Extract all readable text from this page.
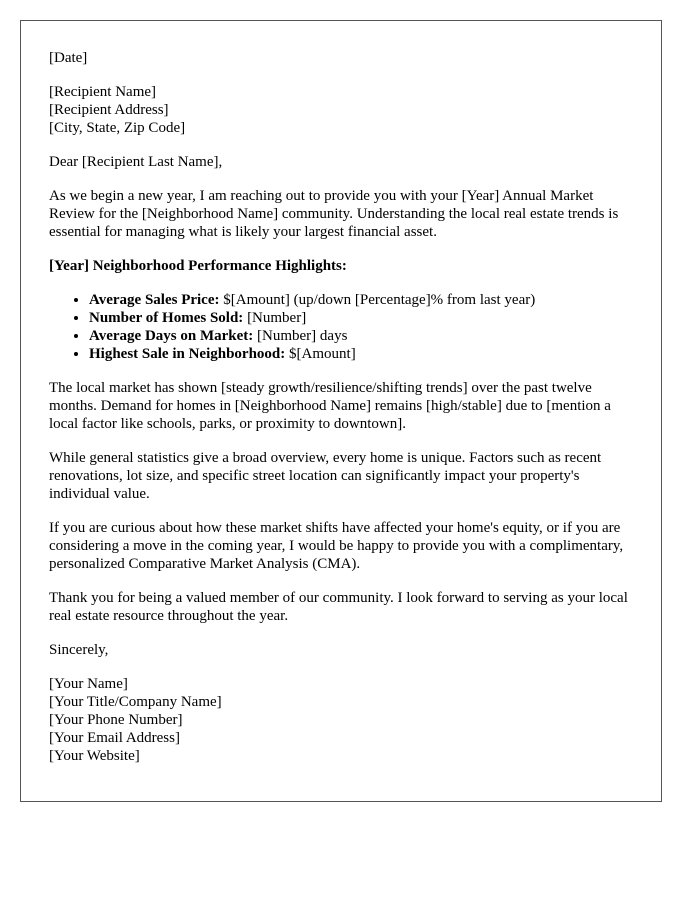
[Date]

[Recipient Name]
[Recipient Address]
[City, State, Zip Code]

Dear [Recipient Last Name],

As we begin a new year, I am reaching out to provide you with your [Year] Annual Market Review for the [Neighborhood Name] community. Understanding the local real estate trends is essential for managing what is likely your largest financial asset.

[Year] Neighborhood Performance Highlights:

• Average Sales Price: $[Amount] (up/down [Percentage]% from last year)
• Number of Homes Sold: [Number]
• Average Days on Market: [Number] days
• Highest Sale in Neighborhood: $[Amount]

The local market has shown [steady growth/resilience/shifting trends] over the past twelve months. Demand for homes in [Neighborhood Name] remains [high/stable] due to [mention a local factor like schools, parks, or proximity to downtown].

While general statistics give a broad overview, every home is unique. Factors such as recent renovations, lot size, and specific street location can significantly impact your property's individual value.

If you are curious about how these market shifts have affected your home's equity, or if you are considering a move in the coming year, I would be happy to provide you with a complimentary, personalized Comparative Market Analysis (CMA).

Thank you for being a valued member of our community. I look forward to serving as your local real estate resource throughout the year.

Sincerely,

[Your Name]
[Your Title/Company Name]
[Your Phone Number]
[Your Email Address]
[Your Website]
